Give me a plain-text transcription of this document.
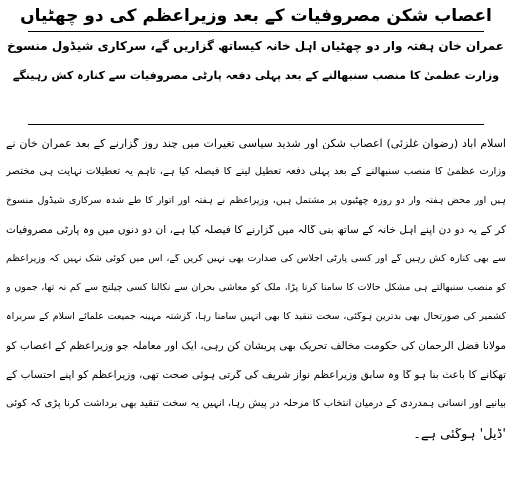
اعصاب شکن مصروفیات کے بعد وزیراعظم کی دو چھٹیاں
عمران خان ہفتہ وار دو چھٹیاں اہل خانہ کیساتھ گزاریں گے، سرکاری شیڈول منسوخ
وزارت عظمیٰ کا منصب سنبھالنے کے بعد پہلی دفعہ پارٹی مصروفیات سے کنارہ کش رہینگے
اسلام آباد (رضوان غلزئی) اعصاب شکن اور شدید سیاسی تغیرات میں چند روز گزارنے کے بعد عمران خان نے
وزارت عظمیٰ کا منصب سنبھالنے کے بعد پہلی دفعہ تعطیل لینے کا فیصلہ کیا ہے، تاہم یہ تعطیلات نہایت ہی مختصر
ہیں اور محض ہفتہ وار دو روزہ چھٹیوں پر مشتمل ہیں، وزیراعظم نے ہفتہ اور اتوار کا طے شدہ سرکاری شیڈول منسوخ
کر کے یہ دو دن اپنے اہل خانہ کے ساتھ بنی گالہ میں گزارنے کا فیصلہ کیا ہے، ان دو دنوں میں وہ پارٹی مصروفیات
سے بھی کنارہ کش رہیں گے اور کسی پارٹی اجلاس کی صدارت بھی نہیں کریں گے، اس میں کوئی شک نہیں کہ وزیراعظم
کو منصب سنبھالتے ہی مشکل حالات کا سامنا کرنا پڑا، ملک کو معاشی بحران سے نکالنا کسی چیلنج سے کم نہ تھا، جموں و
کشمیر کی صورتحال بھی بدترین ہوگئی، سخت تنقید کا بھی انہیں سامنا رہا، گزشتہ مہینہ جمیعت علمائے اسلام کے سربراہ
مولانا فضل الرحمان کی حکومت مخالف تحریک بھی پریشان کن رہی، ایک اور معاملہ جو وزیراعظم کے اعصاب کو
تھکانے کا باعث بنا ہو گا وہ سابق وزیراعظم نواز شریف کی گرتی ہوئی صحت تھی، وزیراعظم کو اپنے احتساب کے
بیانیے اور انسانی ہمدردی کے درمیان انتخاب کا مرحلہ در پیش رہا، انہیں یہ سخت تنقید بھی برداشت کرنا پڑی کہ کوئی
'ڈیل' ہوگئی ہے۔
